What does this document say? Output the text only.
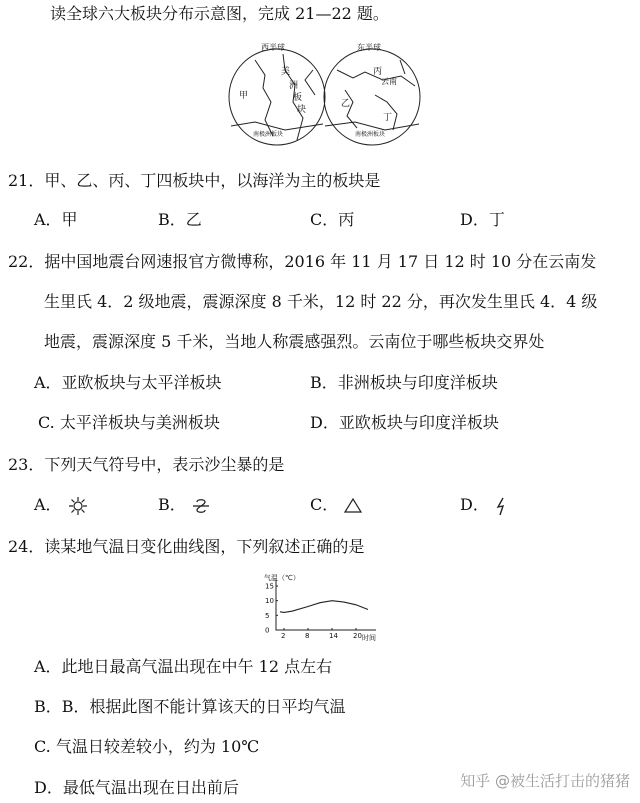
读全球六大板块分布示意图，完成 21—22 题。
西半球	东半球
甲
美
洲
板
块
丙
乙
云南
丁
南极洲板块	南极洲板块
21．甲、乙、丙、丁四板块中，以海洋为主的板块是
A．甲	B．乙	C．丙	D．丁
22．据中国地震台网速报官方微博称，2016 年 11 月 17 日 12 时 10 分在云南发
生里氏 4．2 级地震，震源深度 8 千米，12 时 22 分，再次发生里氏 4．4 级
地震，震源深度 5 千米，当地人称震感强烈。云南位于哪些板块交界处
A．亚欧板块与太平洋板块	B．非洲板块与印度洋板块
C. 太平洋板块与美洲板块	D．亚欧板块与印度洋板块
23．下列天气符号中，表示沙尘暴的是
A．	B．	C．	D．
24．读某地气温日变化曲线图，下列叙述正确的是
气温（℃）
时间
2	8	14 20
0
5
10
15
A．此地日最高气温出现在中午 12 点左右
B．B．根据此图不能计算该天的日平均气温
C. 气温日较差较小，约为 10℃
D．最低气温出现在日出前后	知乎 @被生活打击的猪猪
